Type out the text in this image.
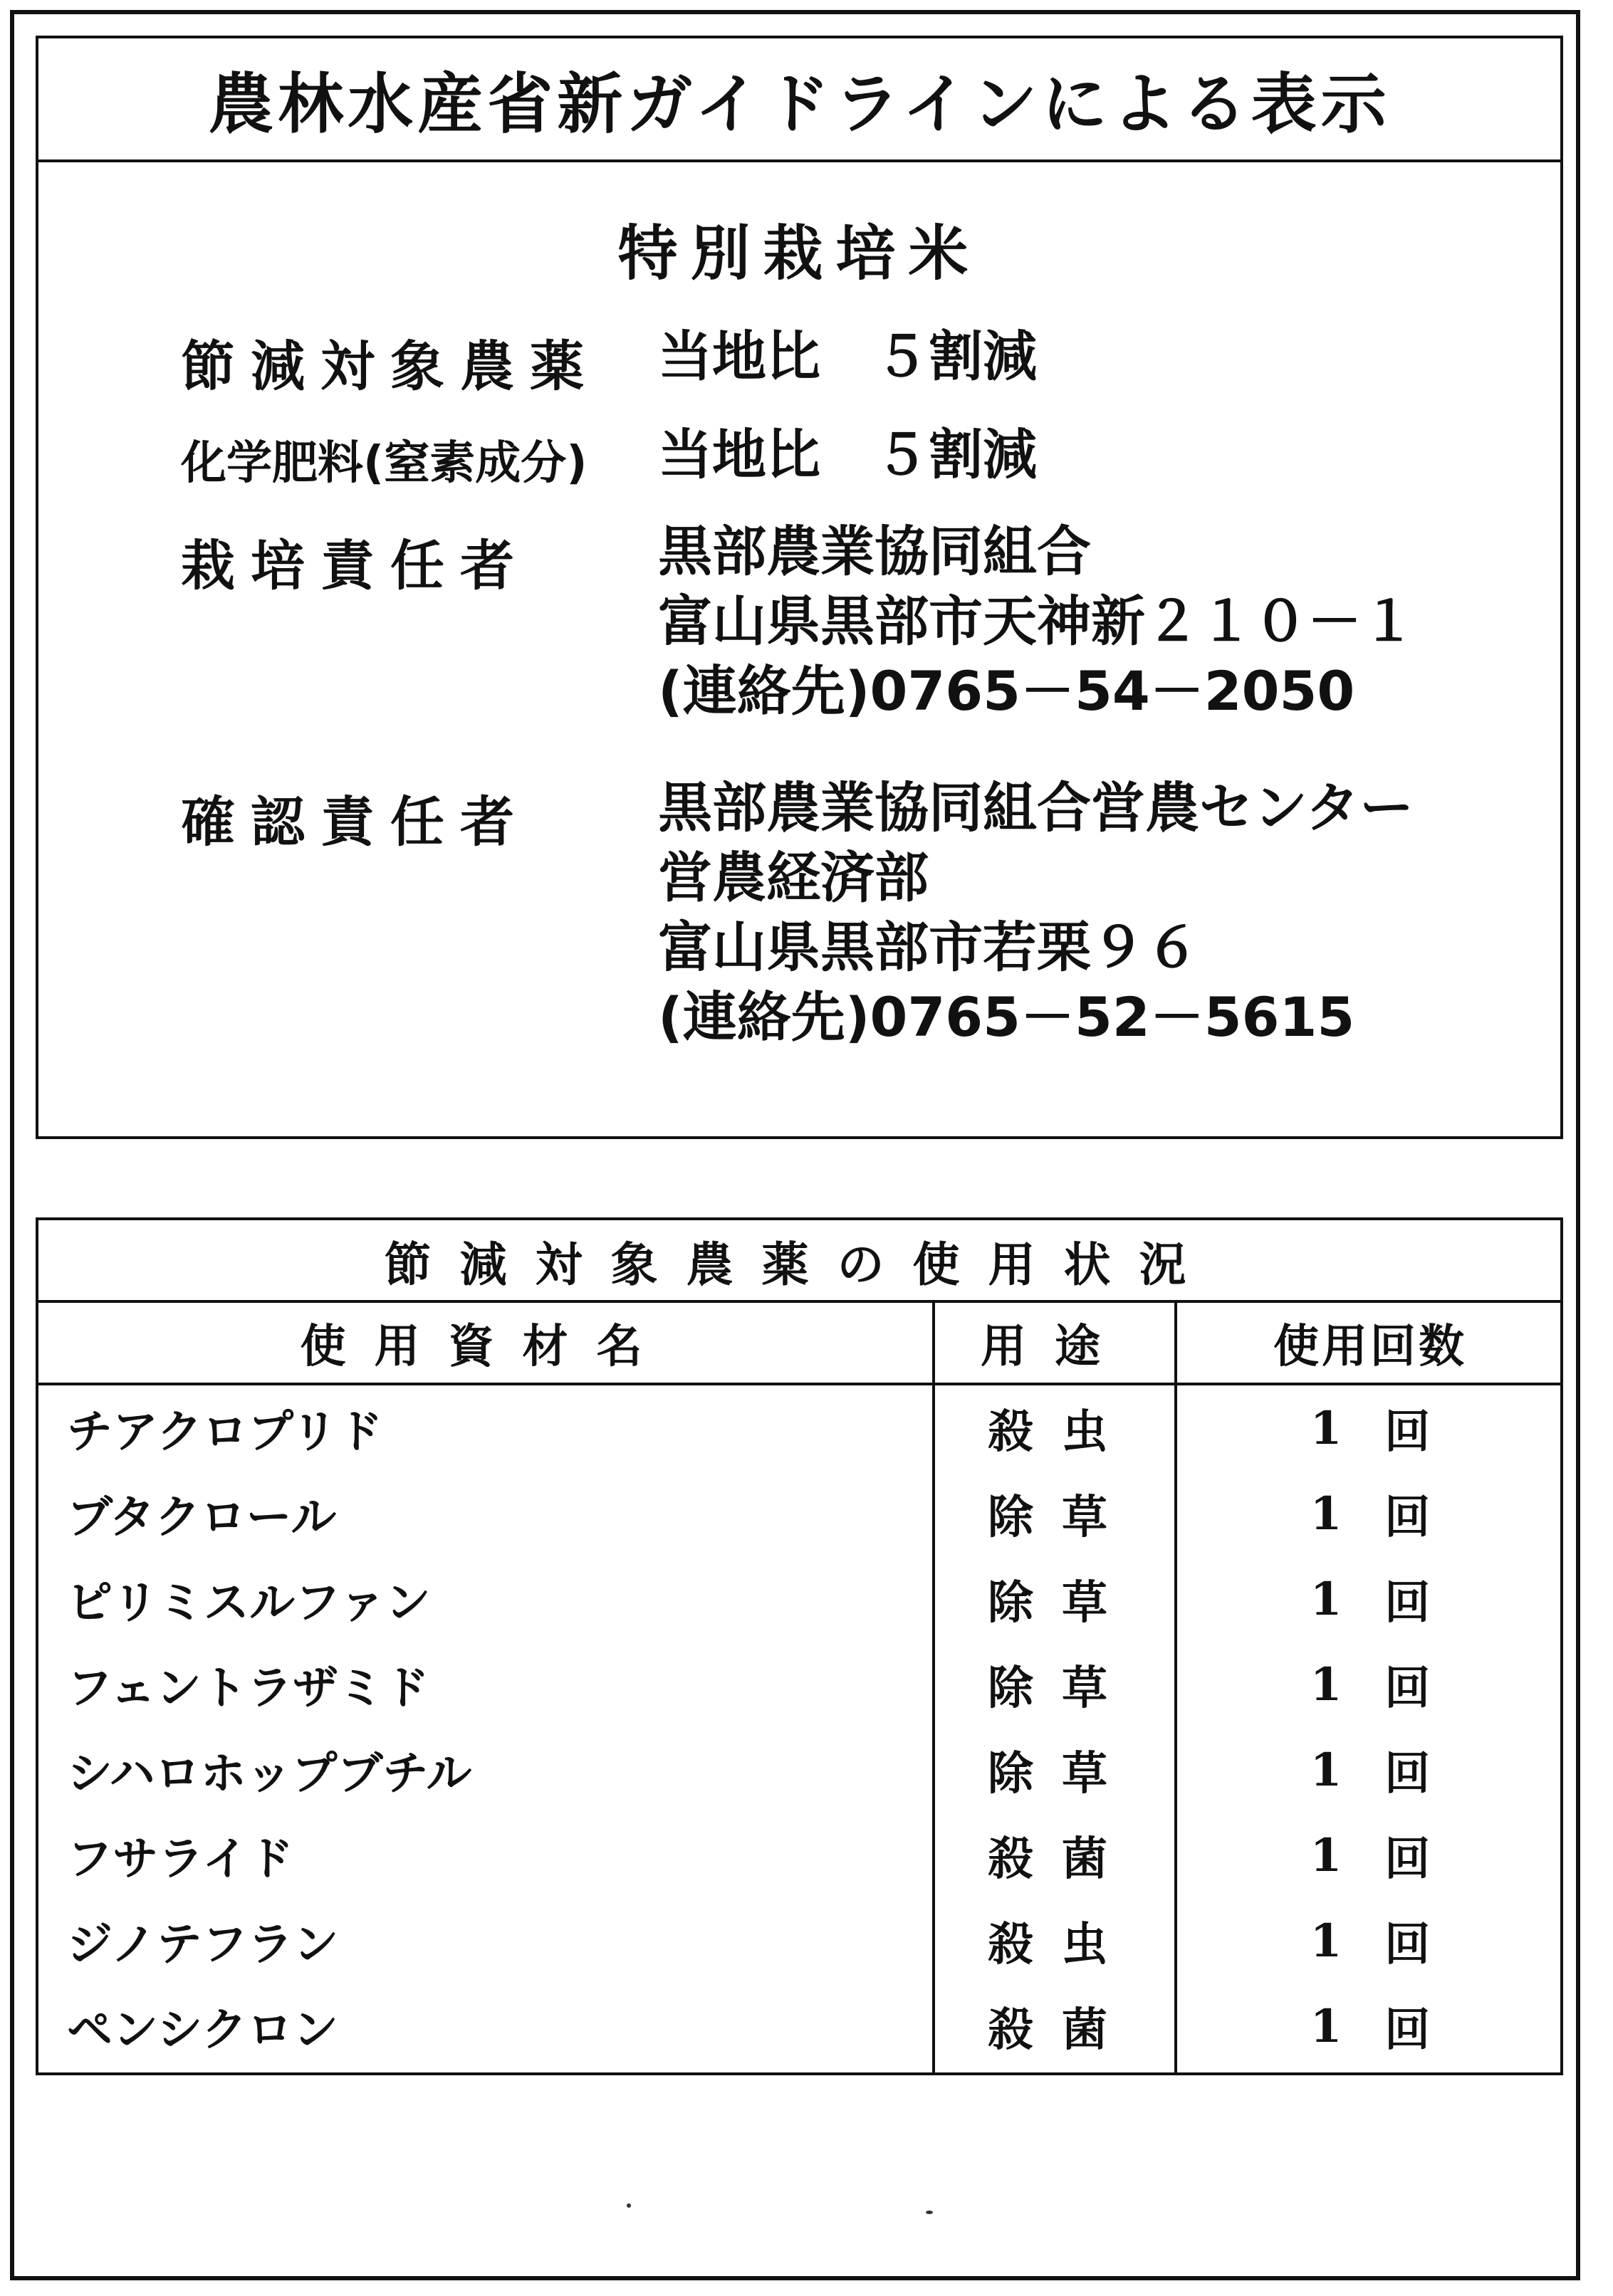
農林水産省新ガイドラインによる表示
特別栽培米
節減対象農薬 当地比　５割減
化学肥料(窒素成分) 当地比　５割減
栽培責任者 黒部農業協同組合
富山県黒部市天神新２１０－１
(連絡先)0765－54－2050
確認責任者 黒部農業協同組合営農センター
営農経済部
富山県黒部市若栗９６
(連絡先)0765－52－5615
節減対象農薬の使用状況
使用資材名	用途	使用回数
チアクロプリド	殺虫	1 回
ブタクロール	除草	1 回
ピリミスルファン	除草	1 回
フェントラザミド	除草	1 回
シハロホップブチル	除草	1 回
フサライド	殺菌	1 回
ジノテフラン	殺虫	1 回
ペンシクロン	殺菌	1 回
